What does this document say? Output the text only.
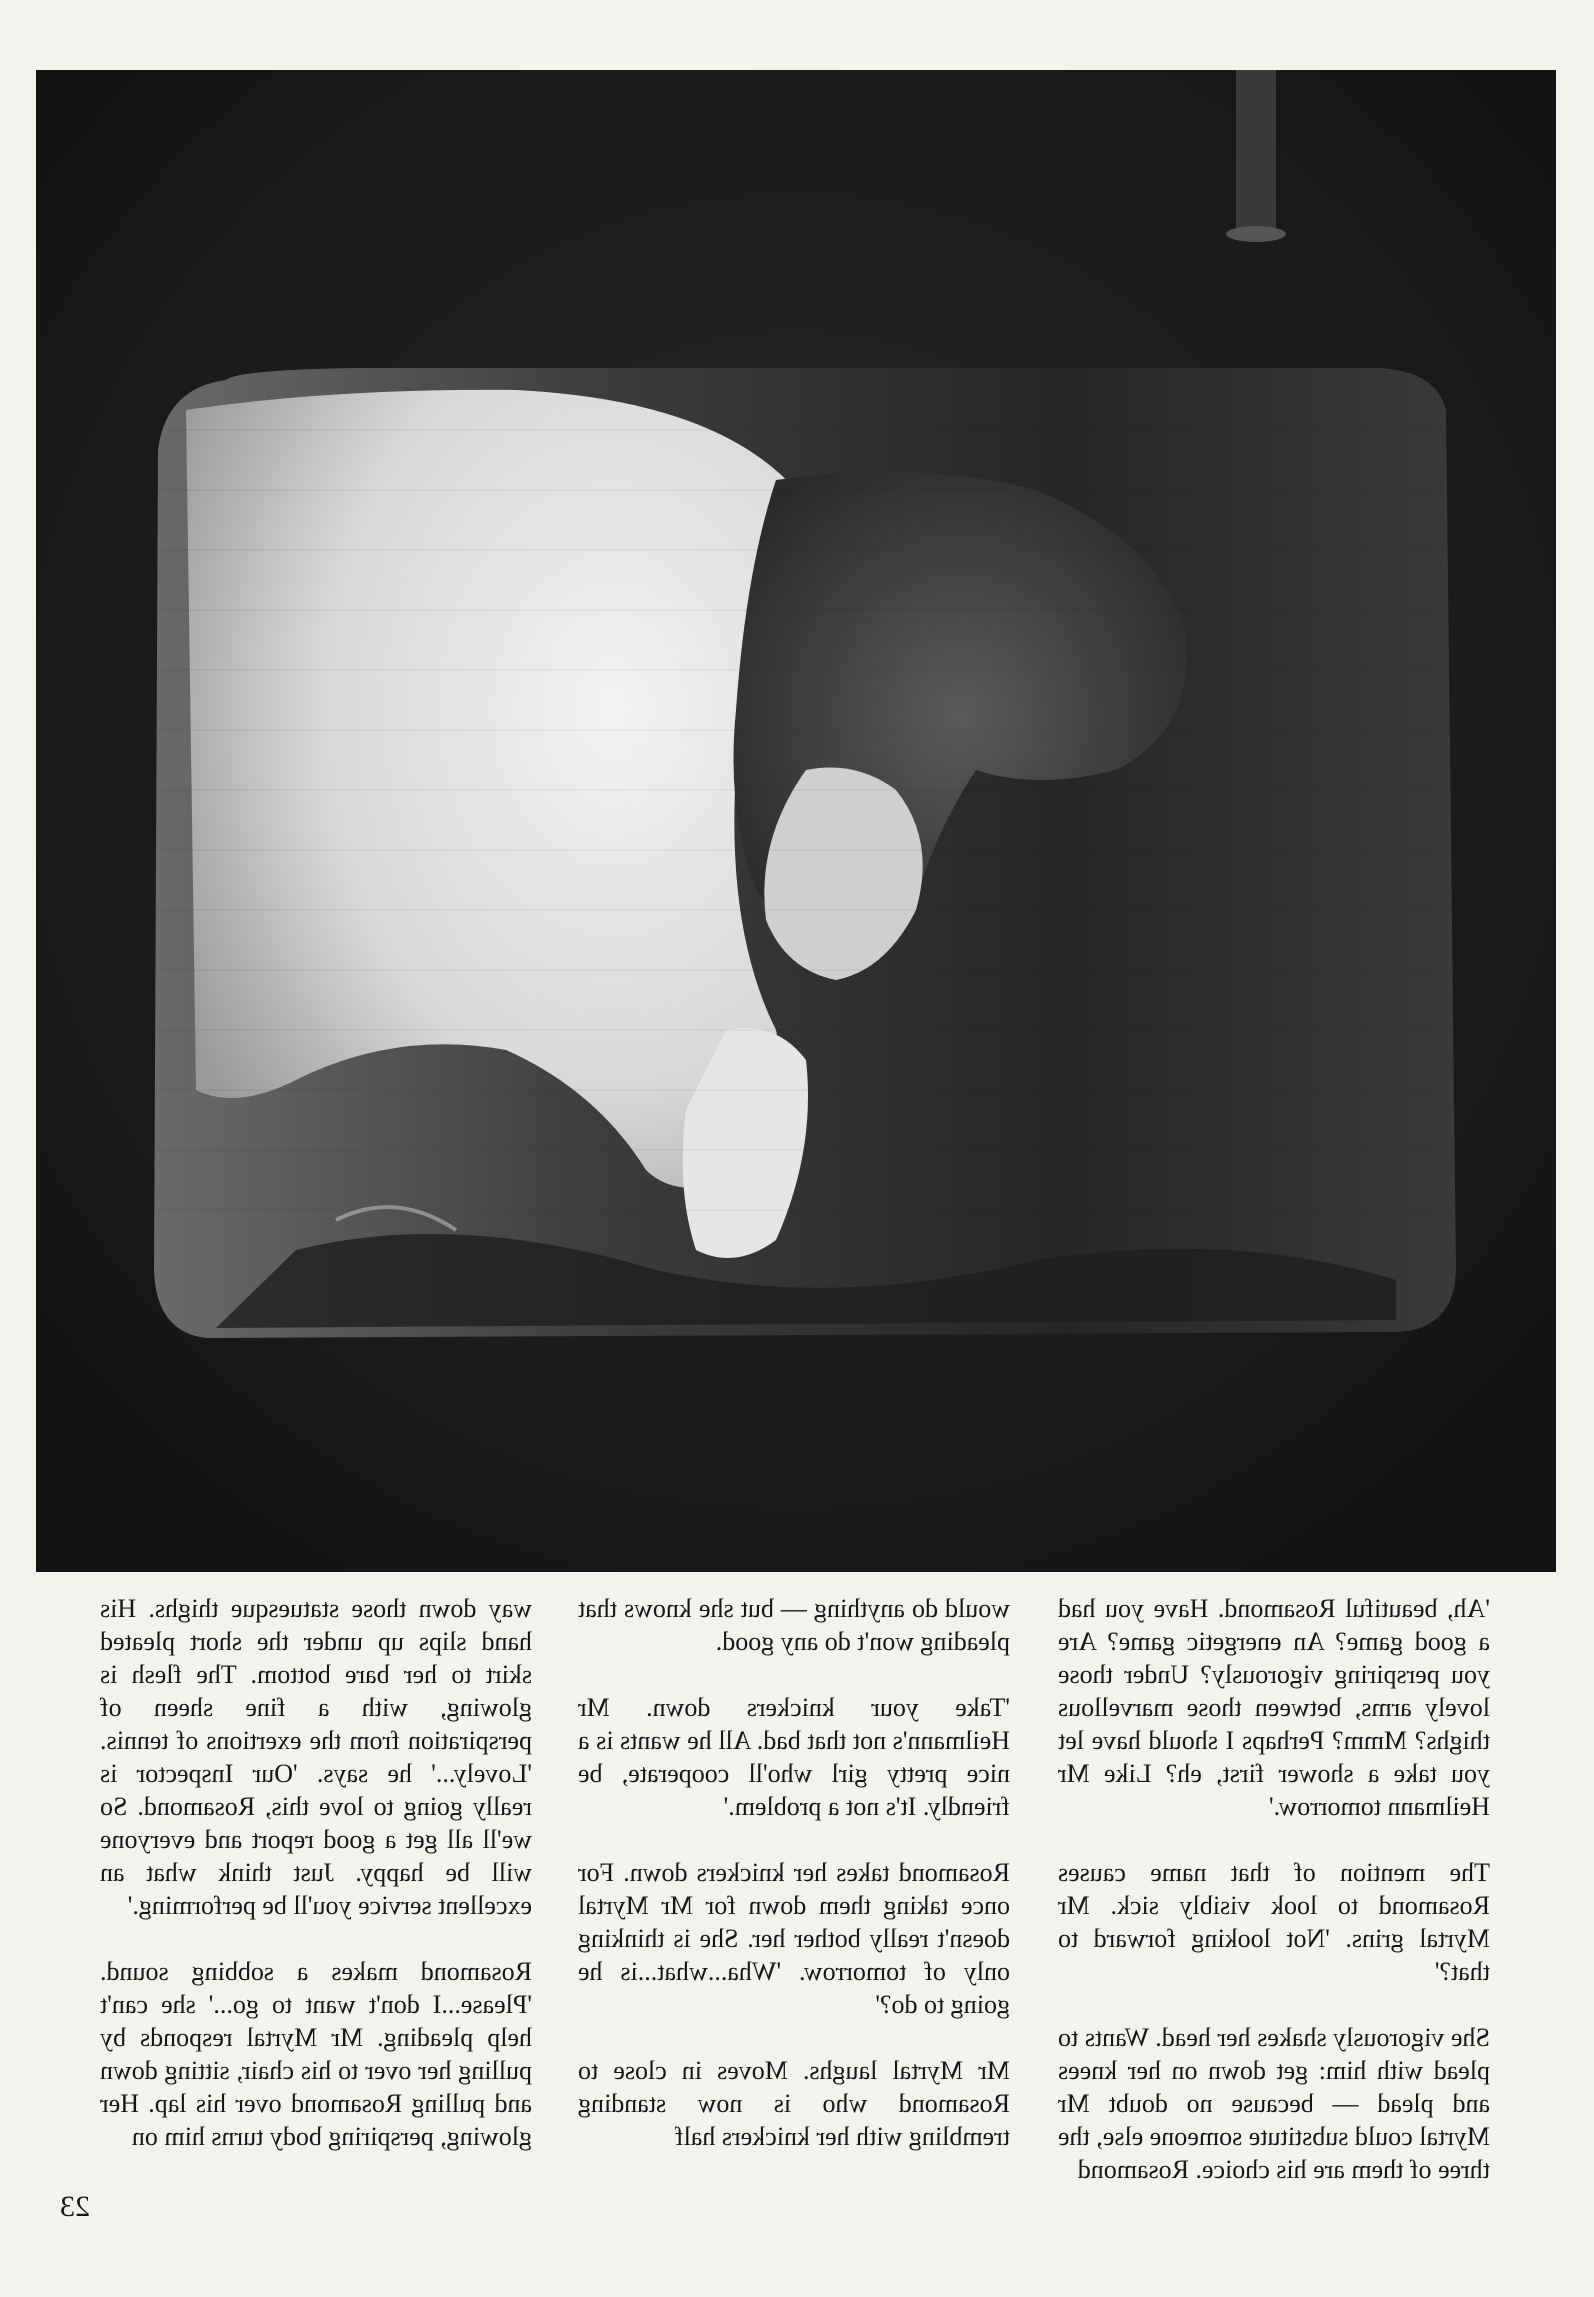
'Ah, beautiful Rosamond. Have you had a good game? An energetic game? Are you perspiring vigorously? Under those lovely arms, between those marvellous thighs? Mmm? Perhaps I should have let you take a shower first, eh? Like Mr Heilmann tomorrow.'

The mention of that name causes Rosamond to look visibly sick. Mr Myrtal grins. 'Not looking forward to that?'

She vigorously shakes her head. Wants to plead with him: get down on her knees and plead — because no doubt Mr Myrtal could substitute someone else, the three of them are his choice. Rosamond

would do anything — but she knows that pleading won't do any good.

'Take your knickers down. Mr Heilmann's not that bad. All he wants is a nice pretty girl who'll cooperate, be friendly. It's not a problem.'

Rosamond takes her knickers down. For once taking them down for Mr Myrtal doesn't really bother her. She is thinking only of tomorrow. 'Wha...what...is he going to do?'

Mr Myrtal laughs. Moves in close to Rosamond who is now standing trembling with her knickers half

way down those statuesque thighs. His hand slips up under the short pleated skirt to her bare bottom. The flesh is glowing, with a fine sheen of perspiration from the exertions of tennis. 'Lovely...' he says. 'Our Inspector is really going to love this, Rosamond. So we'll all get a good report and everyone will be happy. Just think what an excellent service you'll be performing.'

Rosamond makes a sobbing sound. 'Please...I don't want to go...' she can't help pleading. Mr Myrtal responds by pulling her over to his chair, sitting down and pulling Rosamond over his lap. Her glowing, perspiring body turns him on

23
